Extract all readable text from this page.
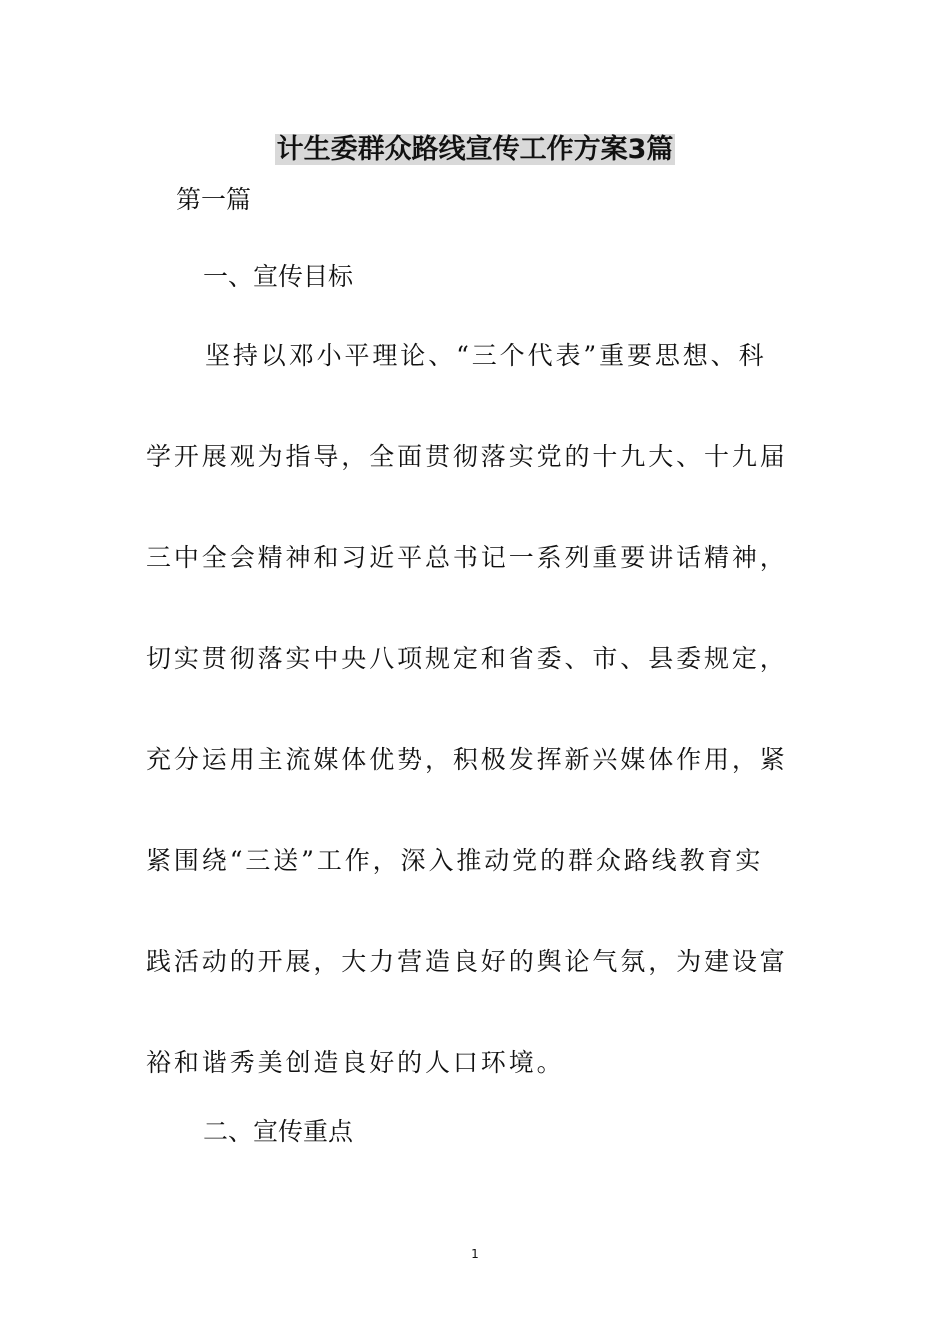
计生委群众路线宣传工作方案3篇
第一篇
一、宣传目标
坚持以邓小平理论、“三个代表”重要思想、科
学开展观为指导，全面贯彻落实党的十九大、十九届
三中全会精神和习近平总书记一系列重要讲话精神，
切实贯彻落实中央八项规定和省委、市、县委规定，
充分运用主流媒体优势，积极发挥新兴媒体作用，紧
紧围绕“三送”工作，深入推动党的群众路线教育实
践活动的开展，大力营造良好的舆论气氛，为建设富
裕和谐秀美创造良好的人口环境。
二、宣传重点
1
